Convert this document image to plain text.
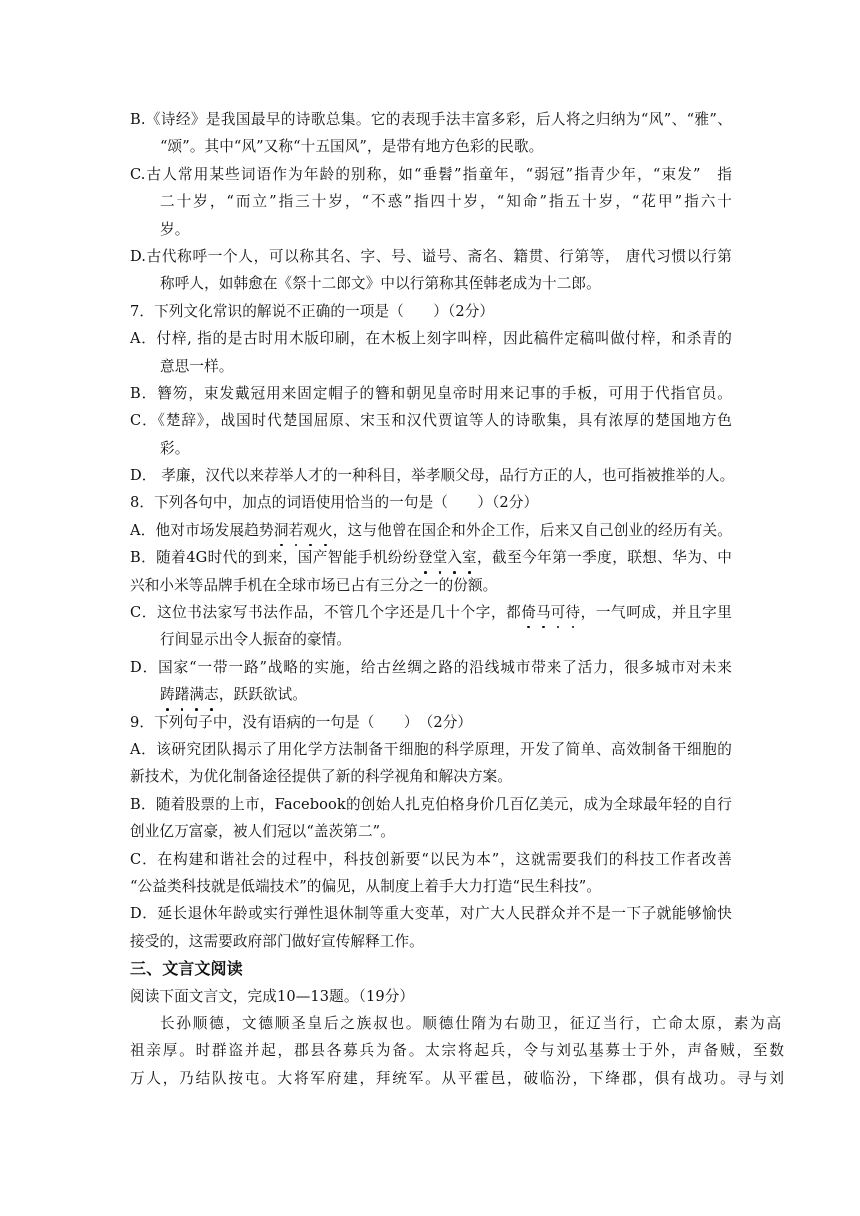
B.《诗经》是我国最早的诗歌总集。它的表现手法丰富多彩，后人将之归纳为“风”、“雅”、
“颂”。其中“风”又称“十五国风”，是带有地方色彩的民歌。
C.古人常用某些词语作为年龄的别称，如“垂髫”指童年，“弱冠”指青少年，“束发”　指
二十岁，“而立”指三十岁，“不惑”指四十岁，“知命”指五十岁，“花甲”指六十
岁。
D.古代称呼一个人，可以称其名、字、号、谥号、斋名、籍贯、行第等， 唐代习惯以行第
称呼人，如韩愈在《祭十二郎文》中以行第称其侄韩老成为十二郎。
7．下列文化常识的解说不正确的一项是（　　）（2分）
A．付梓, 指的是古时用木版印刷，在木板上刻字叫梓，因此稿件定稿叫做付梓，和杀青的
意思一样。
B．簪笏，束发戴冠用来固定帽子的簪和朝见皇帝时用来记事的手板，可用于代指官员。
C．《楚辞》，战国时代楚国屈原、宋玉和汉代贾谊等人的诗歌集，具有浓厚的楚国地方色
彩。
D． 孝廉，汉代以来荐举人才的一种科目，举孝顺父母，品行方正的人，也可指被推举的人。
8．下列各句中，加点的词语使用恰当的一句是（　　）（2分）
A．他对市场发展趋势洞若观火，这与他曾在国企和外企工作，后来又自己创业的经历有关。
B．随着4G时代的到来，国产智能手机纷纷登堂入室，截至今年第一季度，联想、华为、中
兴和小米等品牌手机在全球市场已占有三分之一的份额。
C．这位书法家写书法作品，不管几个字还是几十个字，都倚马可待，一气呵成，并且字里
行间显示出令人振奋的豪情。
D．国家“一带一路”战略的实施，给古丝绸之路的沿线城市带来了活力，很多城市对未来
踌躇满志，跃跃欲试。
9．下列句子中，没有语病的一句是（　　）　（2分）
A．该研究团队揭示了用化学方法制备干细胞的科学原理，开发了简单、高效制备干细胞的
新技术，为优化制备途径提供了新的科学视角和解决方案。
B．随着股票的上市，Facebook的创始人扎克伯格身价几百亿美元，成为全球最年轻的自行
创业亿万富豪，被人们冠以“盖茨第二”。
C．在构建和谐社会的过程中，科技创新要“以民为本”，这就需要我们的科技工作者改善
“公益类科技就是低端技术”的偏见，从制度上着手大力打造“民生科技”。
D．延长退休年龄或实行弹性退休制等重大变革，对广大人民群众并不是一下子就能够愉快
接受的，这需要政府部门做好宣传解释工作。
三、文言文阅读
阅读下面文言文，完成10—13题。（19分）
长孙顺德，文德顺圣皇后之族叔也。顺德仕隋为右勋卫，征辽当行，亡命太原，素为高
祖亲厚。时群盗并起，郡县各募兵为备。太宗将起兵，令与刘弘基募士于外，声备贼，至数
万人，乃结队按屯。大将军府建，拜统军。从平霍邑，破临汾，下绛郡，俱有战功。寻与刘
